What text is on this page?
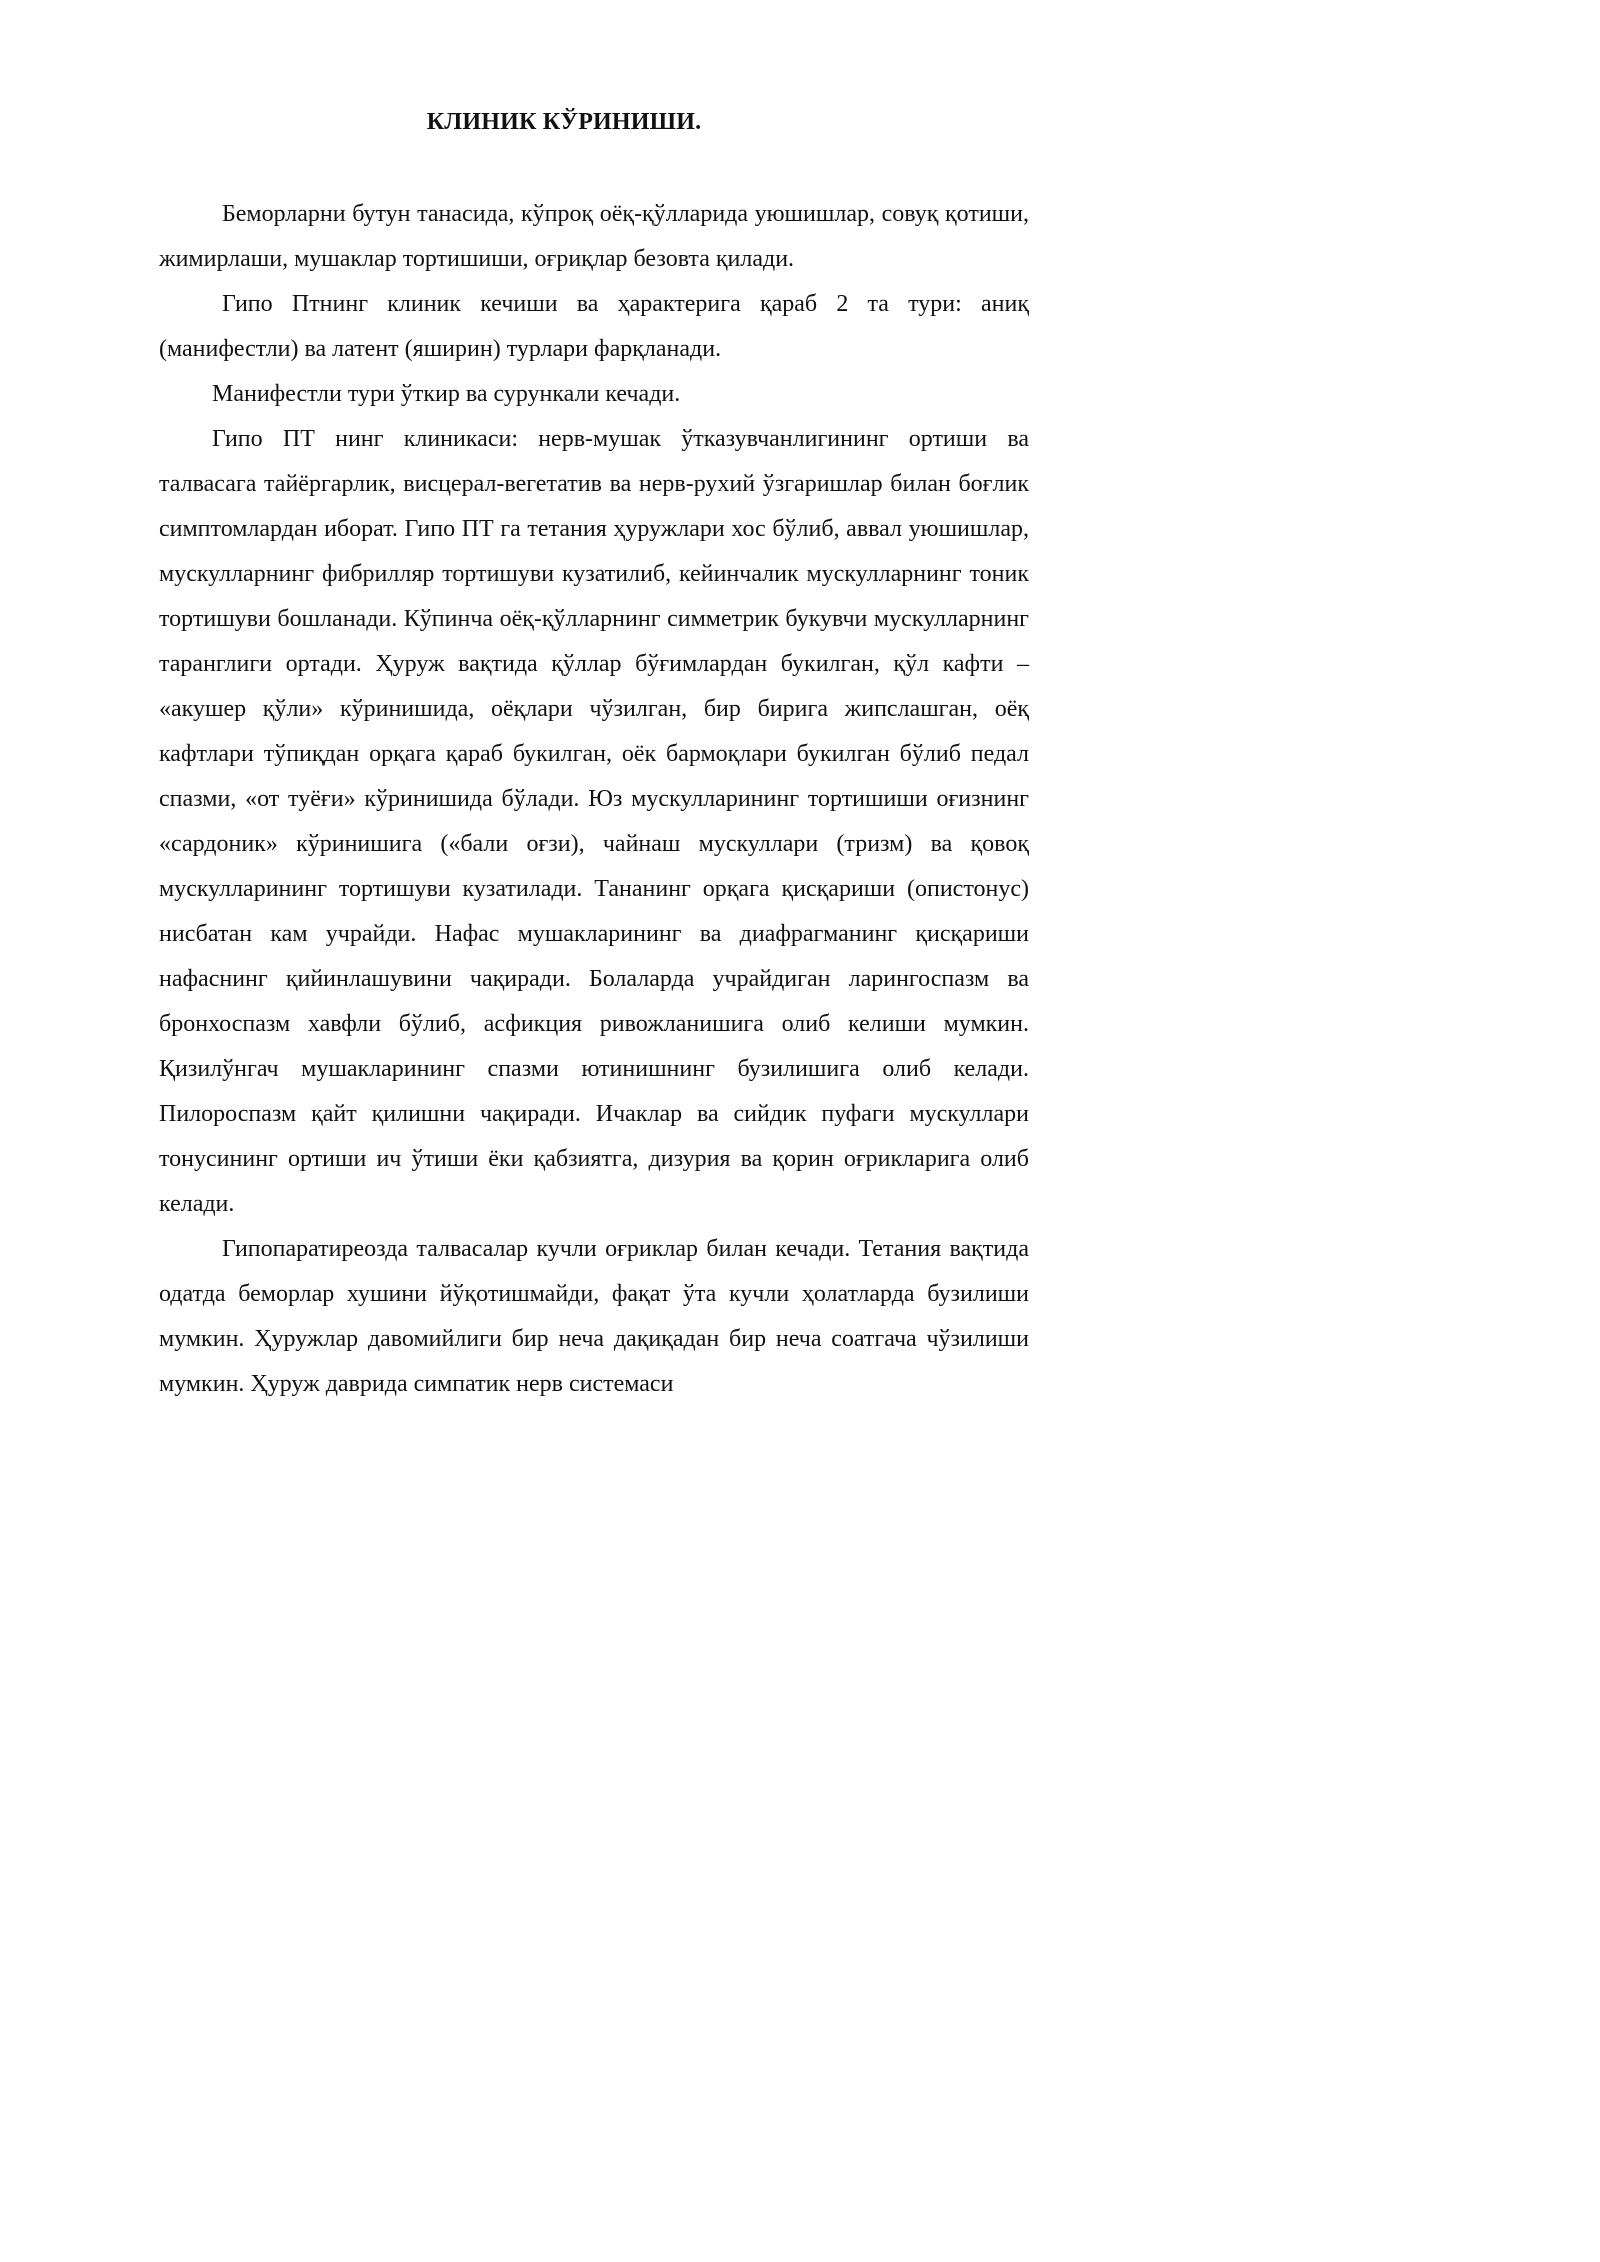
КЛИНИК КЎРИНИШИ.

Беморларни бутун танасида, кўпроқ оёқ-қўлларида уюшишлар, совуқ қотиши, жимирлаши, мушаклар тортишиши, оғриқлар безовта қилади.

Гипо Птнинг клиник кечиши ва ҳарактерига қараб 2 та тури: аниқ (манифестли) ва латент (яширин) турлари фарқланади.

Манифестли тури ўткир ва сурункали кечади.

Гипо ПТ нинг клиникаси: нерв-мушак ўтказувчанлигининг ортиши ва талвасага тайёргарлик, висцерал-вегетатив ва нерв-рухий ўзгаришлар билан боғлик симптомлардан иборат. Гипо ПТ га тетания ҳуружлари хос бўлиб, аввал уюшишлар, мускулларнинг фибрилляр тортишуви кузатилиб, кейинчалик мускулларнинг тоник тортишуви бошланади. Кўпинча оёқ-қўлларнинг симметрик букувчи мускулларнинг таранглиги ортади. Ҳуруж вақтида қўллар бўғимлардан букилган, қўл кафти – «акушер қўли» кўринишида, оёқлари чўзилган, бир бирига жипслашган, оёқ кафтлари тўпиқдан орқага қараб букилган, оёк бармоқлари букилган бўлиб педал спазми, «от туёғи» кўринишида бўлади. Юз мускулларининг тортишиши оғизнинг «сардоник» кўринишига («бали оғзи), чайнаш мускуллари (тризм) ва қовоқ мускулларининг тортишуви кузатилади. Тананинг орқага қисқариши (опистонус) нисбатан кам учрайди. Нафас мушакларининг ва диафрагманинг қисқариши нафаснинг қийинлашувини чақиради. Болаларда учрайдиган ларингоспазм ва бронхоспазм хавфли бўлиб, асфикция ривожланишига олиб келиши мумкин. Қизилўнгач мушакларининг спазми ютинишнинг бузилишига олиб келади. Пилороспазм қайт қилишни чақиради. Ичаклар ва сийдик пуфаги мускуллари тонусининг ортиши ич ўтиши ёки қабзиятга, дизурия ва қорин оғрикларига олиб келади.

Гипопаратиреозда талвасалар кучли оғриклар билан кечади. Тетания вақтида одатда беморлар хушини йўқотишмайди, фақат ўта кучли ҳолатларда бузилиши мумкин. Ҳуружлар давомийлиги бир неча дақиқадан бир неча соатгача чўзилиши мумкин. Ҳуруж даврида симпатик нерв системаси
